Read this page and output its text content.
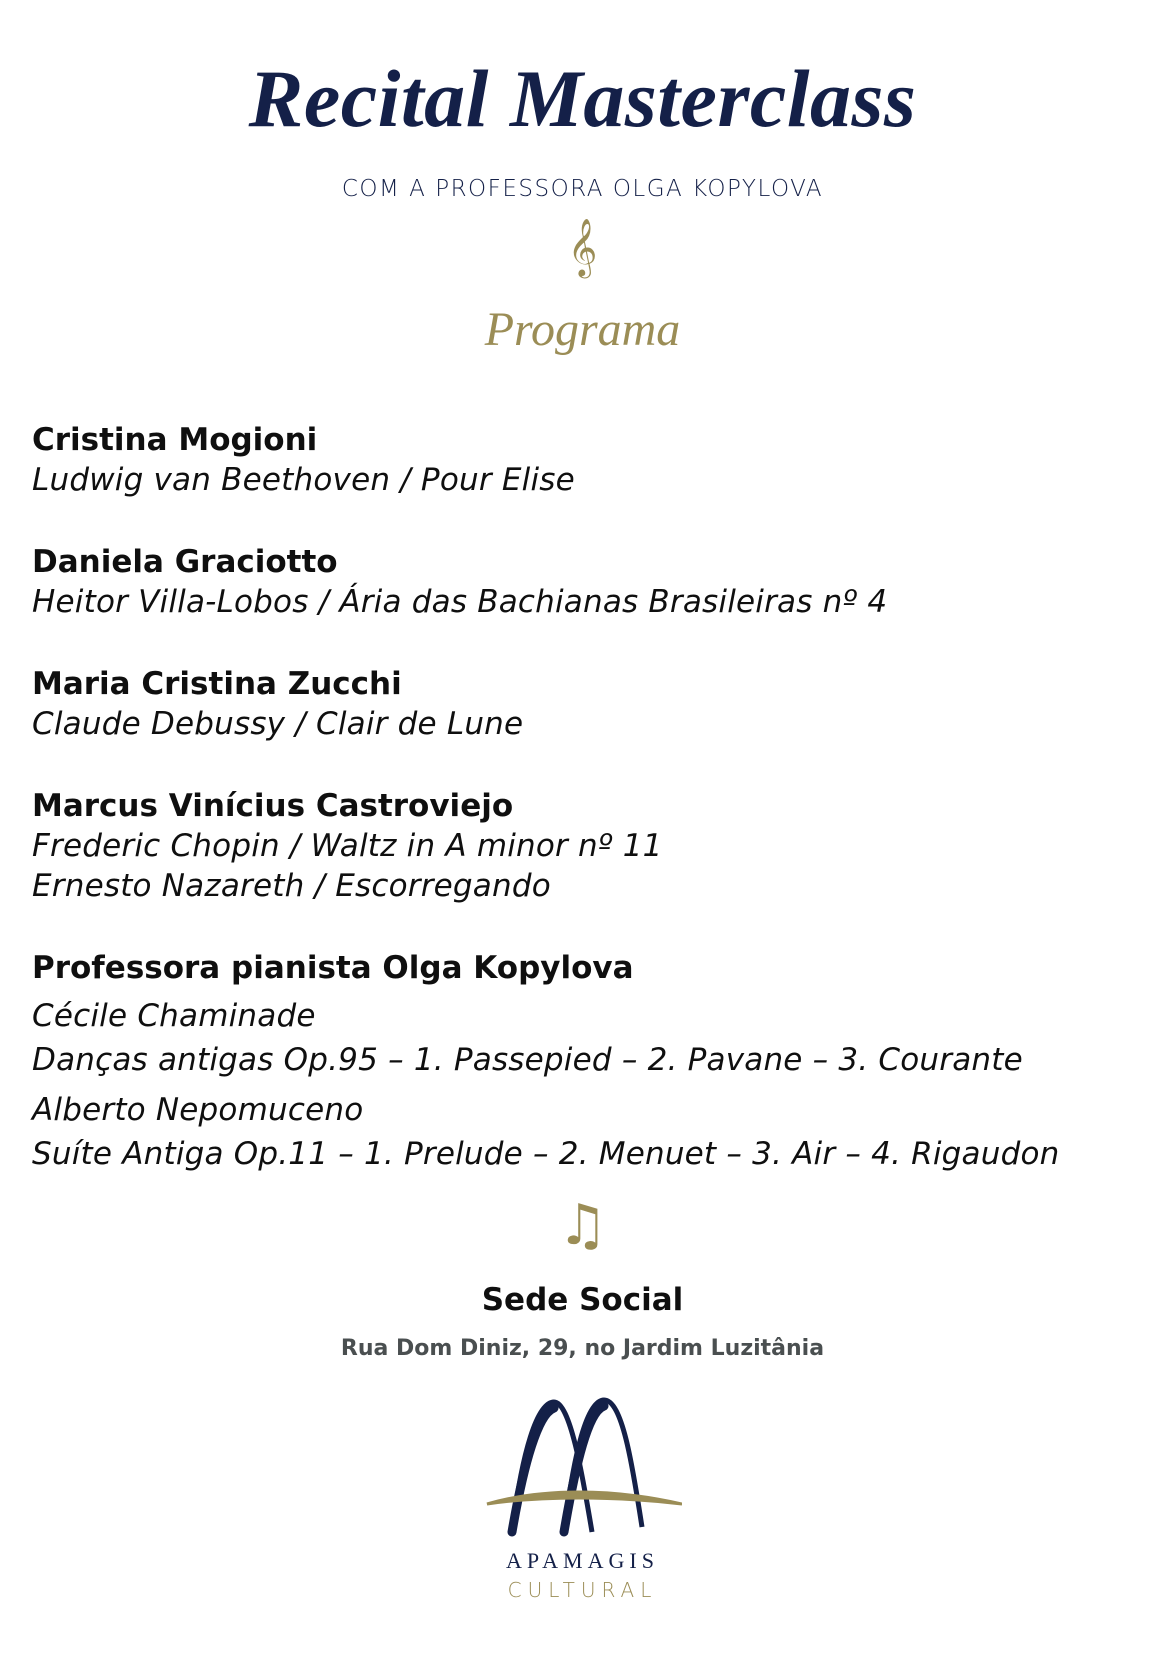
Recital Masterclass
COM A PROFESSORA OLGA KOPYLOVA
𝄞
Programa
Cristina Mogioni
Ludwig van Beethoven / Pour Elise
Daniela Graciotto
Heitor Villa-Lobos / Ária das Bachianas Brasileiras nº 4
Maria Cristina Zucchi
Claude Debussy / Clair de Lune
Marcus Vinícius Castroviejo
Frederic Chopin / Waltz in A minor nº 11
Ernesto Nazareth / Escorregando
Professora pianista Olga Kopylova
Cécile Chaminade
Danças antigas Op.95 – 1. Passepied – 2. Pavane – 3. Courante
Alberto Nepomuceno
Suíte Antiga Op.11 – 1. Prelude – 2. Menuet – 3. Air – 4. Rigaudon
♫
Sede Social
Rua Dom Diniz, 29, no Jardim Luzitânia
APAMAGIS
CULTURAL
